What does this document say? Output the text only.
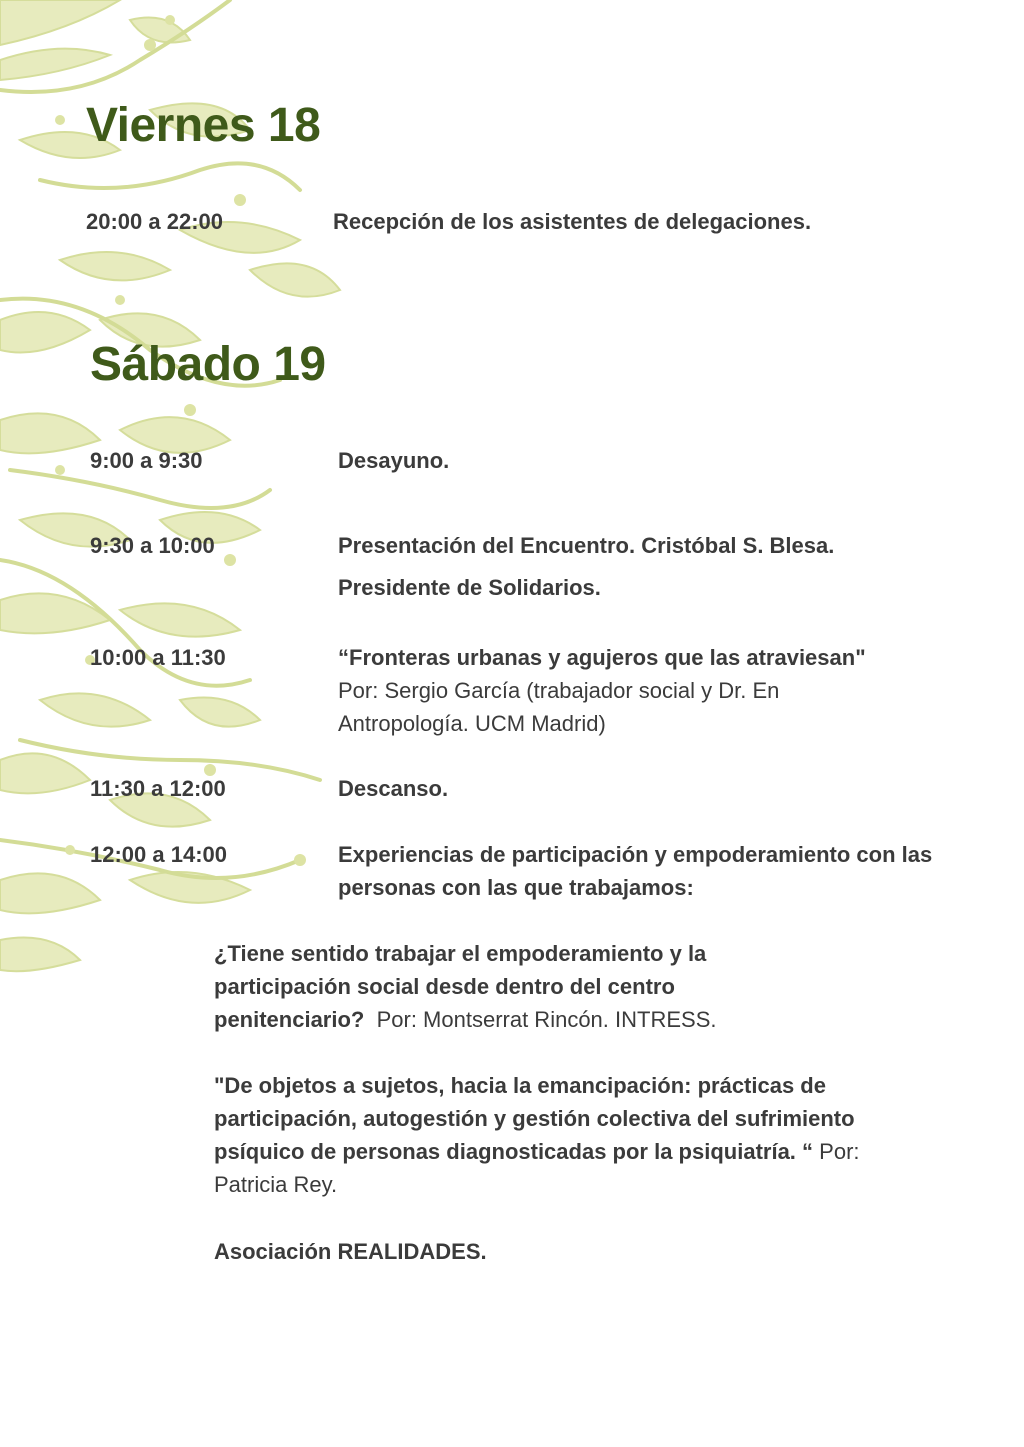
Viernes 18

20:00 a 22:00	Recepción de los asistentes de delegaciones.

Sábado 19

9:00 a 9:30	Desayuno.

9:30 a 10:00	Presentación del Encuentro. Cristóbal S. Blesa.

Presidente de Solidarios.

10:00 a 11:30	“Fronteras urbanas y agujeros que las atraviesan"

Por: Sergio García (trabajador social y Dr. En Antropología. UCM Madrid)

11:30 a 12:00	Descanso.

12:00 a 14:00	Experiencias de participación y empoderamiento con las personas con las que trabajamos:

¿Tiene sentido trabajar el empoderamiento y la participación social desde dentro del centro penitenciario? Por: Montserrat Rincón. INTRESS.

"De objetos a sujetos, hacia la emancipación: prácticas de participación, autogestión y gestión colectiva del sufrimiento psíquico de personas diagnosticadas por la psiquiatría. “ Por: Patricia Rey.

Asociación REALIDADES.
